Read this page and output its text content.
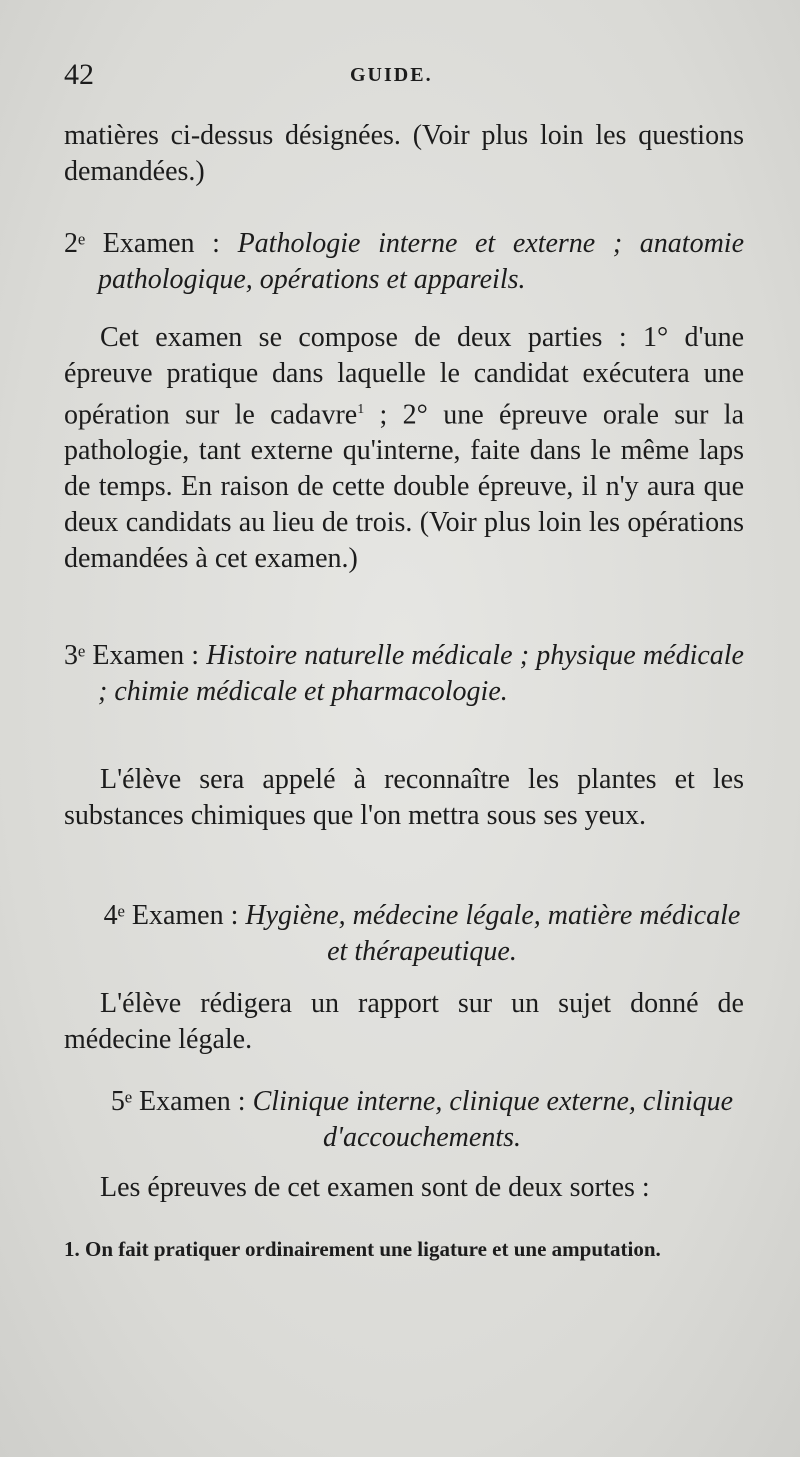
42	GUIDE.

matières ci-dessus désignées. (Voir plus loin les questions demandées.)

2ᵉ Examen : Pathologie interne et externe ; anatomie pathologique, opérations et appareils.

Cet examen se compose de deux parties : 1° d'une épreuve pratique dans laquelle le candidat exécutera une opération sur le cadavre$^1$ ; 2° une épreuve orale sur la pathologie, tant externe qu'interne, faite dans le même laps de temps. En raison de cette double épreuve, il n'y aura que deux candidats au lieu de trois. (Voir plus loin les opérations demandées à cet examen.)

3ᵉ Examen : Histoire naturelle médicale ; physique médicale ; chimie médicale et pharmacologie.

L'élève sera appelé à reconnaître les plantes et les substances chimiques que l'on mettra sous ses yeux.

4ᵉ Examen : Hygiène, médecine légale, matière médicale et thérapeutique.

L'élève rédigera un rapport sur un sujet donné de médecine légale.

5ᵉ Examen : Clinique interne, clinique externe, clinique d'accouchements.

Les épreuves de cet examen sont de deux sortes :

1. On fait pratiquer ordinairement une ligature et une amputation.
